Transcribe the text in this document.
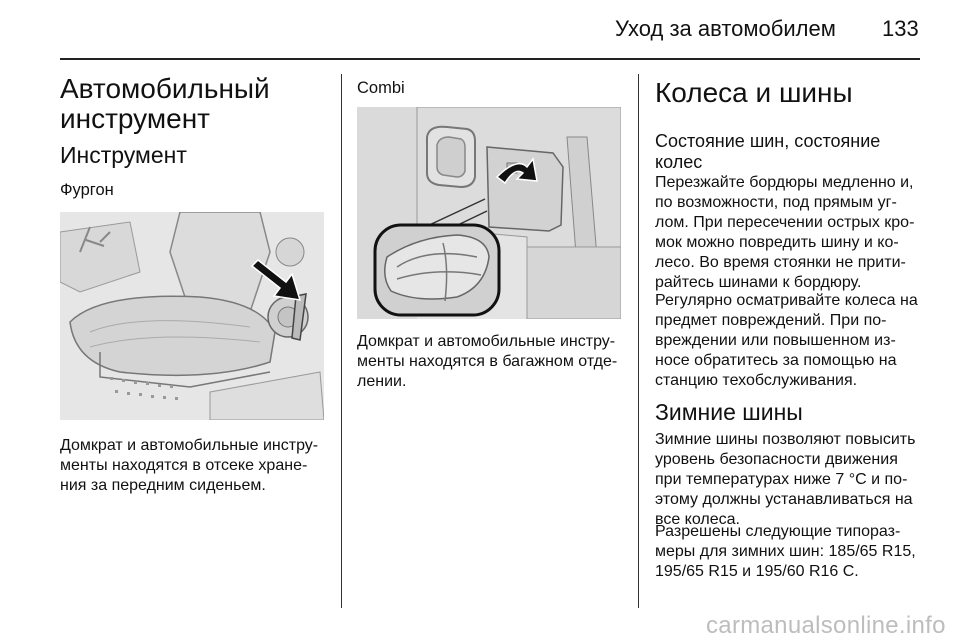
Уход за автомобилем 133
Автомобильный инструмент
Инструмент
Фургон

Домкрат и автомобильные инстру-менты находятся в отсеке хране-ния за передним сиденьем.

Combi

Домкрат и автомобильные инстру-менты находятся в багажном отде-лении.

Колеса и шины
Состояние шин, состояние колес

Перезжайте бордюры медленно и, по возможности, под прямым уг-лом. При пересечении острых кро-мок можно повредить шину и ко-лесо. Во время стоянки не прити-райтесь шинами к бордюру.

Регулярно осматривайте колеса на предмет повреждений. При по-вреждении или повышенном из-носе обратитесь за помощью на станцию техобслуживания.

Зимние шины

Зимние шины позволяют повысить уровень безопасности движения при температурах ниже 7 °C и по-этому должны устанавливаться на все колеса.

Разрешены следующие типораз-меры для зимних шин: 185/65 R15, 195/65 R15 и 195/60 R16 C.

carmanualsonline.info
